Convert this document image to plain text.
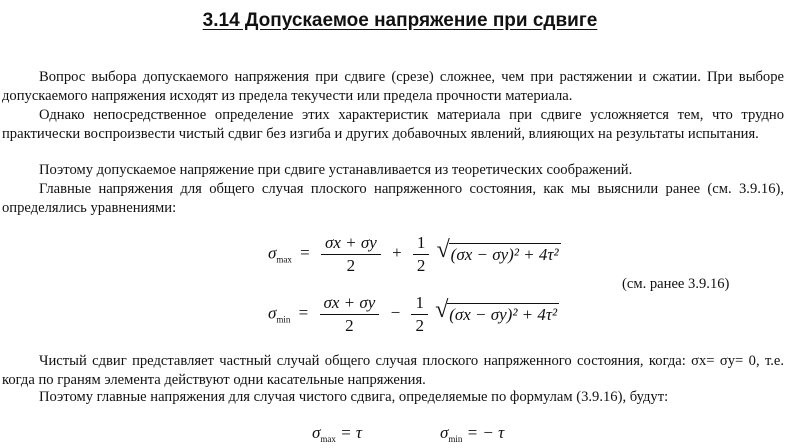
3.14 Допускаемое напряжение при сдвиге
Вопрос выбора допускаемого напряжения при сдвиге (срезе) сложнее, чем при растяжении и сжатии. При выборе допускаемого напряжения исходят из предела текучести или предела прочности материала.
Однако непосредственное определение этих характеристик материала при сдвиге усложняется тем, что трудно практически воспроизвести чистый сдвиг без изгиба и других добавочных явлений, влияющих на результаты испытания.
Поэтому допускаемое напряжение при сдвиге устанавливается из теоретических соображений.
Главные напряжения для общего случая плоского напряженного состояния, как мы выяснили ранее (см. 3.9.16), определялись уравнениями:
$\sigma_{max} = \frac{\sigma x + \sigma y}{2} + \frac{1}{2}$
√ (σx − σy)² + 4τ²
(см. ранее 3.9.16)
$\sigma_{min} = \frac{\sigma x + \sigma y}{2} - \frac{1}{2}$
√ (σx − σy)² + 4τ²
Чистый сдвиг представляет частный случай общего случая плоского напряженного состояния, когда: σx= σy= 0, т.е. когда по граням элемента действуют одни касательные напряжения.
Поэтому главные напряжения для случая чистого сдвига, определяемые по формулам (3.9.16), будут:
$\sigma_{max} = \tau$	$\sigma_{min}$ = − τ
